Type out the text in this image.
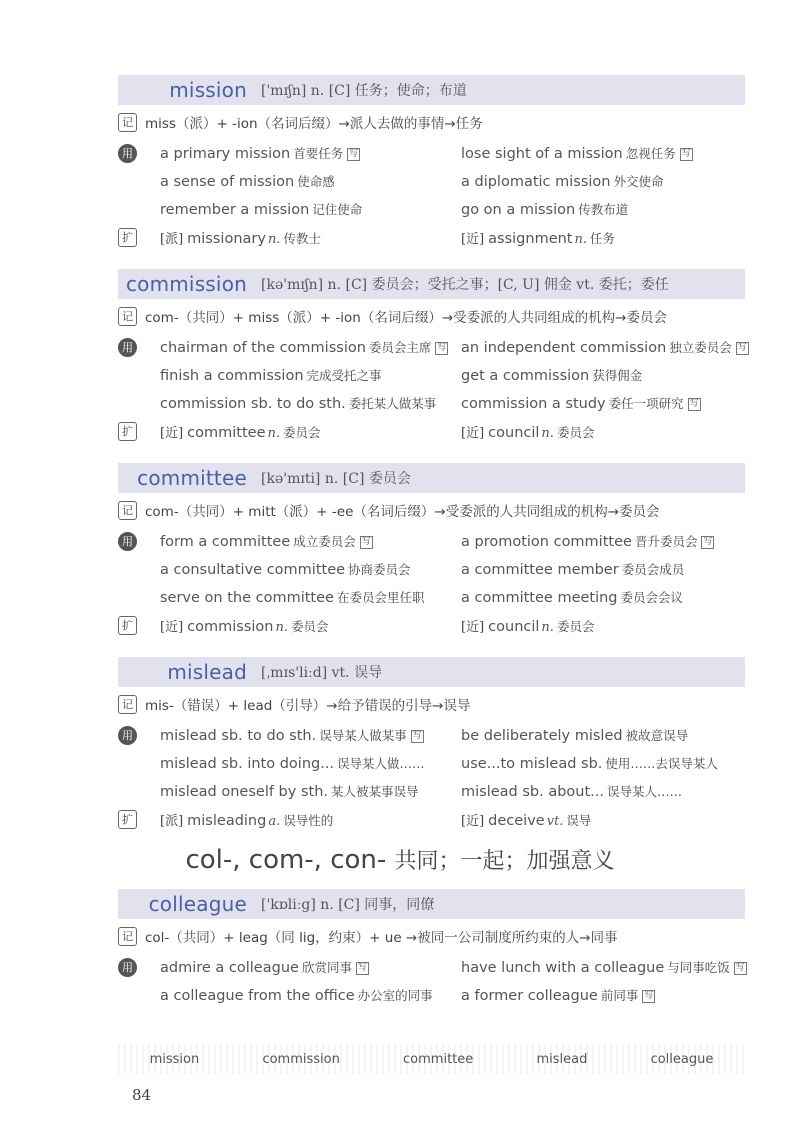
mission	['mɪʃn] n. [C] 任务；使命；布道
记 miss（派）+ -ion（名词后缀）→派人去做的事情→任务
用 a primary mission 首要任务 写	lose sight of a mission 忽视任务 写
a sense of mission 使命感	a diplomatic mission 外交使命
remember a mission 记住使命	go on a mission 传教布道
扩	[派] missionary n. 传教士	[近] assignment n. 任务
commission	[kə'mɪʃn] n. [C] 委员会；受托之事；[C, U] 佣金 vt. 委托；委任
记 com-（共同）+ miss（派）+ -ion（名词后缀）→受委派的人共同组成的机构→委员会
用 chairman of the commission 委员会主席 写	an independent commission 独立委员会 写
finish a commission 完成受托之事	get a commission 获得佣金
commission sb. to do sth. 委托某人做某事	commission a study 委任一项研究 写
扩	[近] committee n. 委员会	[近] council n. 委员会
committee	[kə'mɪti] n. [C] 委员会
记 com-（共同）+ mitt（派）+ -ee（名词后缀）→受委派的人共同组成的机构→委员会
用 form a committee 成立委员会 写	a promotion committee 晋升委员会 写
a consultative committee 协商委员会	a committee member 委员会成员
serve on the committee 在委员会里任职	a committee meeting 委员会会议
扩	[近] commission n. 委员会	[近] council n. 委员会
mislead	[ˌmɪs'liːd] vt. 误导
记 mis-（错误）+ lead（引导）→给予错误的引导→误导
用 mislead sb. to do sth. 误导某人做某事 写	be deliberately misled 被故意误导
mislead sb. into doing... 误导某人做……	use...to mislead sb. 使用……去误导某人
mislead oneself by sth. 某人被某事误导	mislead sb. about... 误导某人……
扩	[派] misleading a. 误导性的	[近] deceive vt. 误导
col-, com-, con- 共同；一起；加强意义
colleague	['kɒliːg] n. [C] 同事，同僚
记 col-（共同）+ leag（同 lig，约束）+ ue →被同一公司制度所约束的人→同事
用 admire a colleague 欣赏同事 写	have lunch with a colleague 与同事吃饭 写
a colleague from the office 办公室的同事	a former colleague 前同事 写
mission	commission	committee	mislead	colleague
84
